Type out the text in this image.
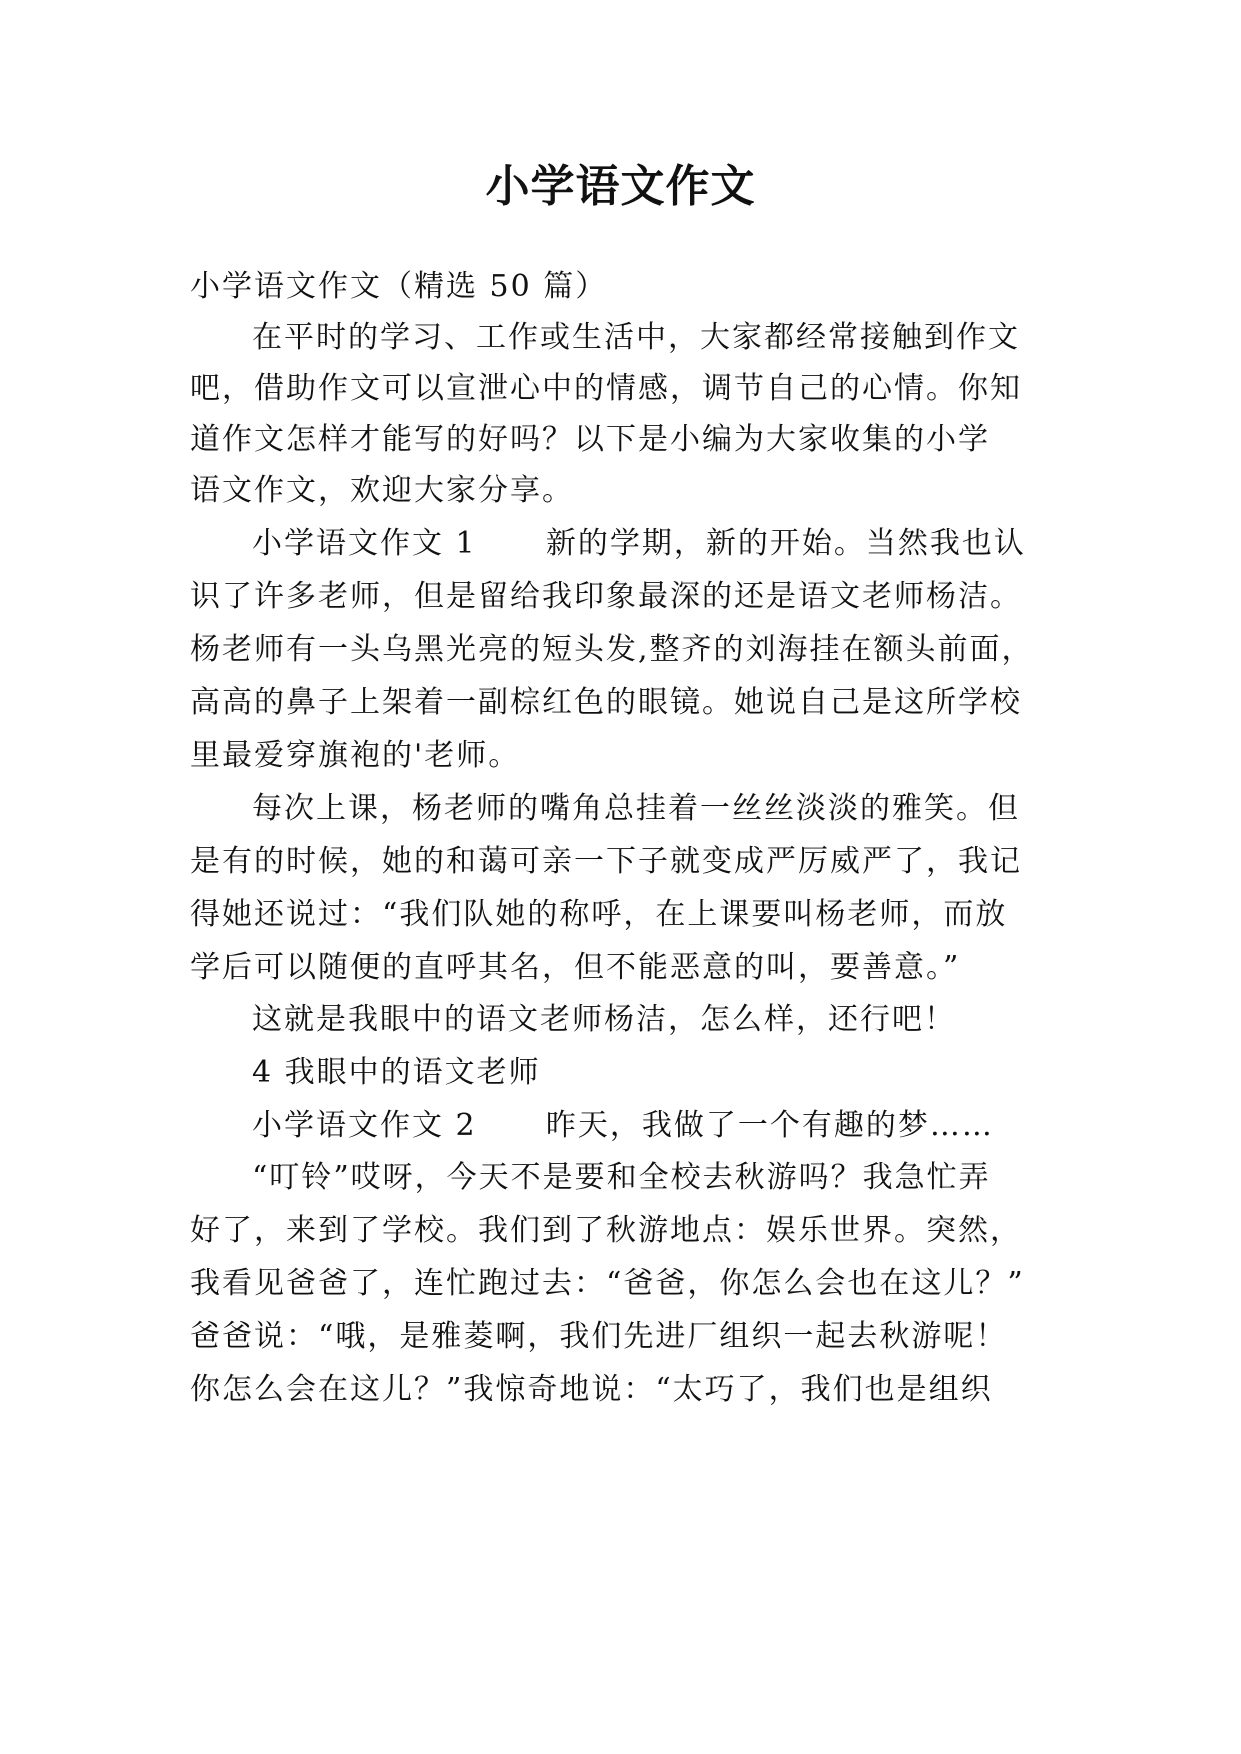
小学语文作文
小学语文作文（精选 50 篇）
在平时的学习、工作或生活中，大家都经常接触到作文
吧，借助作文可以宣泄心中的情感，调节自己的心情。你知
道作文怎样才能写的好吗？以下是小编为大家收集的小学
语文作文，欢迎大家分享。
小学语文作文 1      新的学期，新的开始。当然我也认
识了许多老师，但是留给我印象最深的还是语文老师杨洁。
杨老师有一头乌黑光亮的短头发,整齐的刘海挂在额头前面，
高高的鼻子上架着一副棕红色的眼镜。她说自己是这所学校
里最爱穿旗袍的'老师。
每次上课，杨老师的嘴角总挂着一丝丝淡淡的雅笑。但
是有的时候，她的和蔼可亲一下子就变成严厉威严了，我记
得她还说过：“我们队她的称呼，在上课要叫杨老师，而放
学后可以随便的直呼其名，但不能恶意的叫，要善意。”
这就是我眼中的语文老师杨洁，怎么样，还行吧！
4 我眼中的语文老师
小学语文作文 2      昨天，我做了一个有趣的梦……
“叮铃”哎呀，今天不是要和全校去秋游吗？我急忙弄
好了，来到了学校。我们到了秋游地点：娱乐世界。突然，
我看见爸爸了，连忙跑过去：“爸爸，你怎么会也在这儿？”
爸爸说：“哦，是雅菱啊，我们先进厂组织一起去秋游呢！
你怎么会在这儿？”我惊奇地说：“太巧了，我们也是组织
